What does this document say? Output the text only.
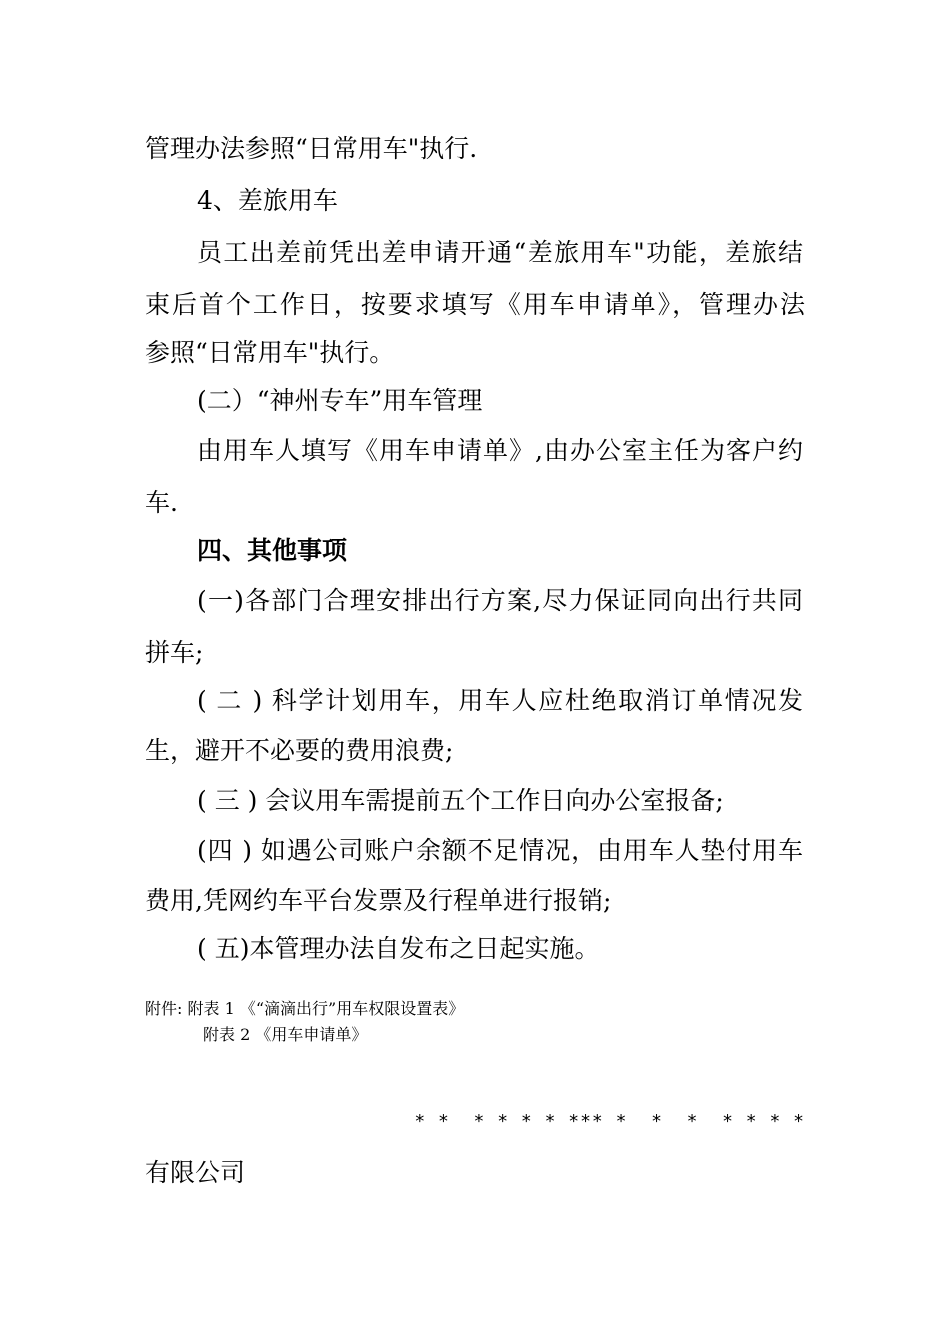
管理办法参照“日常用车"执行.
4、差旅用车
员工出差前凭出差申请开通“差旅用车"功能，差旅结
束后首个工作日，按要求填写《用车申请单》，管理办法
参照“日常用车"执行。
(二）“神州专车”用车管理
由用车人填写《用车申请单》,由办公室主任为客户约
车.
四、其他事项
(一)各部门合理安排出行方案,尽力保证同向出行共同
拼车;
( 二 ) 科学计划用车，用车人应杜绝取消订单情况发
生，避开不必要的费用浪费;
( 三 ) 会议用车需提前五个工作日向办公室报备;
(四 ) 如遇公司账户余额不足情况，由用车人垫付用车
费用,凭网约车平台发票及行程单进行报销;
( 五)本管理办法自发布之日起实施。
附件: 附表 1 《“滴滴出行”用车权限设置表》
附表 2 《用车申请单》
* *  * * * * *** *  *  *  * * * *
有限公司
